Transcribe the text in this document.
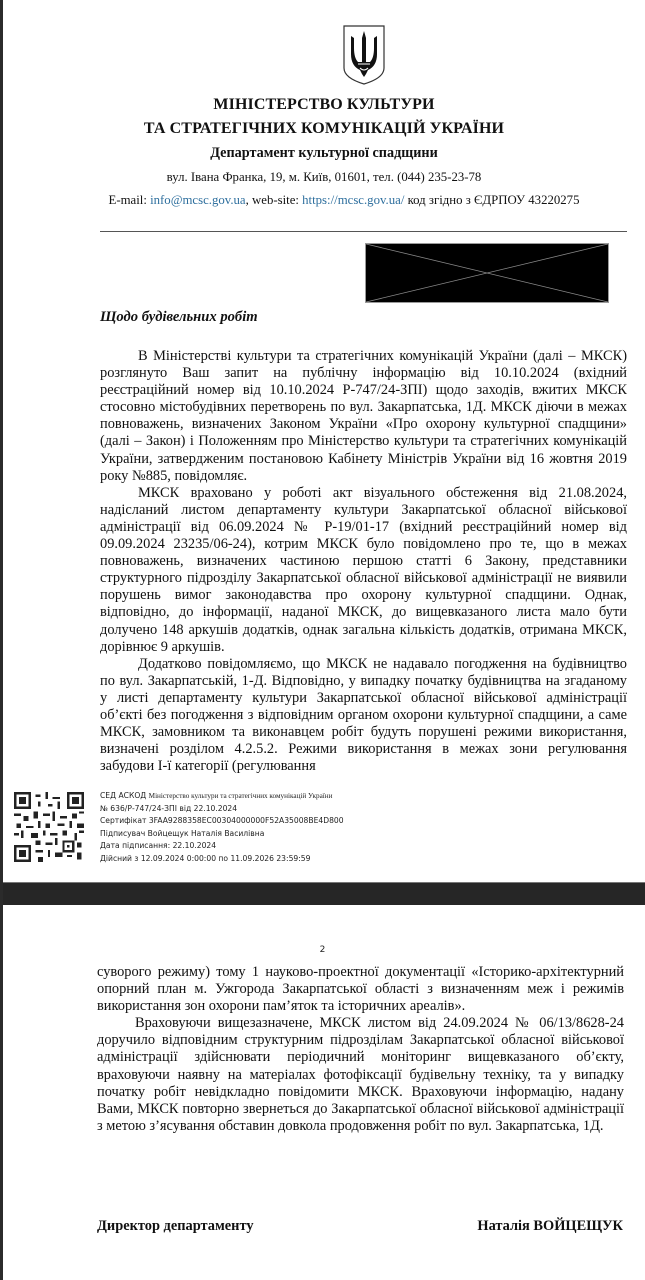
МІНІСТЕРСТВО КУЛЬТУРИ
ТА СТРАТЕГІЧНИХ КОМУНІКАЦІЙ УКРАЇНИ
Департамент культурної спадщини
вул. Івана Франка, 19, м. Київ, 01601, тел. (044) 235-23-78
E-mail: info@mcsc.gov.ua, web-site: https://mcsc.gov.ua/ код згідно з ЄДРПОУ 43220275
Щодо будівельних робіт

В Міністерстві культури та стратегічних комунікацій України (далі – МКСК) розглянуто Ваш запит на публічну інформацію від 10.10.2024 (вхідний реєстраційний номер від 10.10.2024 Р-747/24-ЗПІ) щодо заходів, вжитих МКСК стосовно містобудівних перетворень по вул. Закарпатська, 1Д. МКСК діючи в межах повноважень, визначених Законом України «Про охорону культурної спадщини» (далі – Закон) і Положенням про Міністерство культури та стратегічних комунікацій України, затвердженим постановою Кабінету Міністрів України від 16 жовтня 2019 року №885, повідомляє.

МКСК враховано у роботі акт візуального обстеження від 21.08.2024, надісланий листом департаменту культури Закарпатської обласної військової адміністрації від 06.09.2024 № Р-19/01-17 (вхідний реєстраційний номер від 09.09.2024 23235/06-24), котрим МКСК було повідомлено про те, що в межах повноважень, визначених частиною першою статті 6 Закону, представники структурного підрозділу Закарпатської обласної військової адміністрації не виявили порушень вимог законодавства про охорону культурної спадщини. Однак, відповідно, до інформації, наданої МКСК, до вищевказаного листа мало бути долучено 148 аркушів додатків, однак загальна кількість додатків, отримана МКСК, дорівнює 9 аркушів.

Додатково повідомляємо, що МКСК не надавало погодження на будівництво по вул. Закарпатській, 1-Д. Відповідно, у випадку початку будівництва на згаданому у листі департаменту культури Закарпатської обласної військової адміністрації об’єкті без погодження з відповідним органом охорони культурної спадщини, а саме МКСК, замовником та виконавцем робіт будуть порушені режими використання, визначені розділом 4.2.5.2. Режими використання в межах зони регулювання забудови І-ї категорії (регулювання

СЕД АСКОД Міністерство культури та стратегічних комунікацій України
№ 636/Р-747/24-ЗПІ від 22.10.2024
Сертифікат 3FAA9288358EC00304000000F52A35008BE4D800
Підписувач Войцещук Наталія Василівна
Дата підписання: 22.10.2024
Дійсний з 12.09.2024 0:00:00 по 11.09.2026 23:59:59
2

суворого режиму) тому 1 науково-проектної документації «Історико-архітектурний опорний план м. Ужгорода Закарпатської області з визначенням меж і режимів використання зон охорони пам’яток та історичних ареалів».

Враховуючи вищезазначене, МКСК листом від 24.09.2024 № 06/13/8628-24 доручило відповідним структурним підрозділам Закарпатської обласної військової адміністрації здійснювати періодичний моніторинг вищевказаного об’єкту, враховуючи наявну на матеріалах фотофіксації будівельну техніку, та у випадку початку робіт невідкладно повідомити МКСК. Враховуючи інформацію, надану Вами, МКСК повторно звернеться до Закарпатської обласної військової адміністрації з метою з’ясування обставин довкола продовження робіт по вул. Закарпатська, 1Д.

Директор департаменту	Наталія ВОЙЦЕЩУК
